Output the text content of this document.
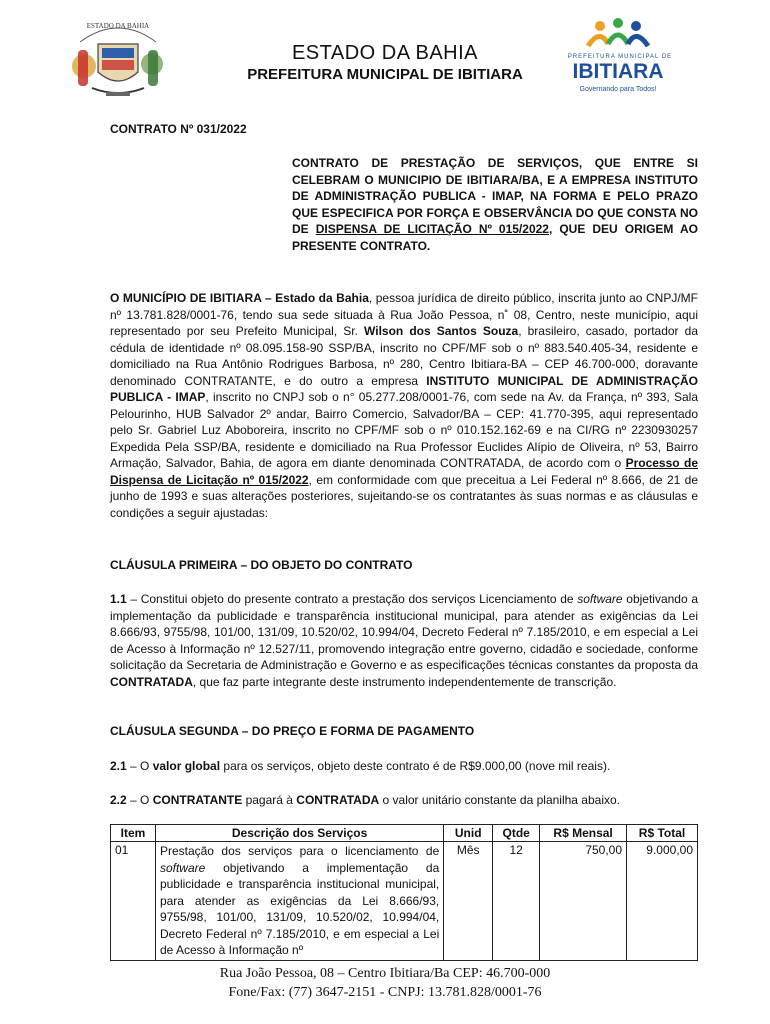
ESTADO DA BAHIA
ESTADO DA BAHIA
PREFEITURA MUNICIPAL DE IBITIARA
PREFEITURA MUNICIPAL DE
IBITIARA
Governando para Todos!
CONTRATO Nº 031/2022
CONTRATO DE PRESTAÇÃO DE SERVIÇOS, QUE ENTRE SI CELEBRAM O MUNICIPIO DE IBITIARA/BA, E A EMPRESA INSTITUTO DE ADMINISTRAÇÃO PUBLICA - IMAP, NA FORMA E PELO PRAZO QUE ESPECIFICA POR FORÇA E OBSERVÂNCIA DO QUE CONSTA NO DE DISPENSA DE LICITAÇÃO Nº 015/2022, QUE DEU ORIGEM AO PRESENTE CONTRATO.
O MUNICÍPIO DE IBITIARA – Estado da Bahia, pessoa jurídica de direito público, inscrita junto ao CNPJ/MF nº 13.781.828/0001-76, tendo sua sede situada à Rua João Pessoa, n˚ 08, Centro, neste município, aqui representado por seu Prefeito Municipal, Sr. Wilson dos Santos Souza, brasileiro, casado, portador da cédula de identidade nº 08.095.158-90 SSP/BA, inscrito no CPF/MF sob o nº 883.540.405-34, residente e domiciliado na Rua Antônio Rodrigues Barbosa, nº 280, Centro Ibitiara-BA – CEP 46.700-000, doravante denominado CONTRATANTE, e do outro a empresa INSTITUTO MUNICIPAL DE ADMINISTRAÇÃO PUBLICA - IMAP, inscrito no CNPJ sob o n° 05.277.208/0001-76, com sede na Av. da França, nº 393, Sala Pelourinho, HUB Salvador 2º andar, Bairro Comercio, Salvador/BA – CEP: 41.770-395, aqui representado pelo Sr. Gabriel Luz Aboboreira, inscrito no CPF/MF sob o nº 010.152.162-69 e na CI/RG nº 2230930257 Expedida Pela SSP/BA, residente e domiciliado na Rua Professor Euclides Alípio de Oliveira, nº 53, Bairro Armação, Salvador, Bahia, de agora em diante denominada CONTRATADA, de acordo com o Processo de Dispensa de Licitação nº 015/2022, em conformidade com que preceitua a Lei Federal nº 8.666, de 21 de junho de 1993 e suas alterações posteriores, sujeitando-se os contratantes às suas normas e as cláusulas e condições a seguir ajustadas:
CLÁUSULA PRIMEIRA – DO OBJETO DO CONTRATO
1.1 – Constitui objeto do presente contrato a prestação dos serviços Licenciamento de software objetivando a implementação da publicidade e transparência institucional municipal, para atender as exigências da Lei 8.666/93, 9755/98, 101/00, 131/09, 10.520/02, 10.994/04, Decreto Federal nº 7.185/2010, e em especial a Lei de Acesso à Informação nº 12.527/11, promovendo integração entre governo, cidadão e sociedade, conforme solicitação da Secretaria de Administração e Governo e as especificações técnicas constantes da proposta da CONTRATADA, que faz parte integrante deste instrumento independentemente de transcrição.
CLÁUSULA SEGUNDA – DO PREÇO E FORMA DE PAGAMENTO
2.1 – O valor global para os serviços, objeto deste contrato é de R$9.000,00 (nove mil reais).
2.2 – O CONTRATANTE pagará à CONTRATADA o valor unitário constante da planilha abaixo.
Item	Descrição dos Serviços	Unid	Qtde	R$ Mensal	R$ Total
01	Prestação dos serviços para o licenciamento de software objetivando a implementação da publicidade e transparência institucional municipal, para atender as exigências da Lei 8.666/93, 9755/98, 101/00, 131/09, 10.520/02, 10.994/04, Decreto Federal nº 7.185/2010, e em especial a Lei de Acesso à Informação nº	Mês	12	750,00	9.000,00
Rua João Pessoa, 08 – Centro Ibitiara/Ba CEP: 46.700-000
Fone/Fax: (77) 3647-2151 - CNPJ: 13.781.828/0001-76
